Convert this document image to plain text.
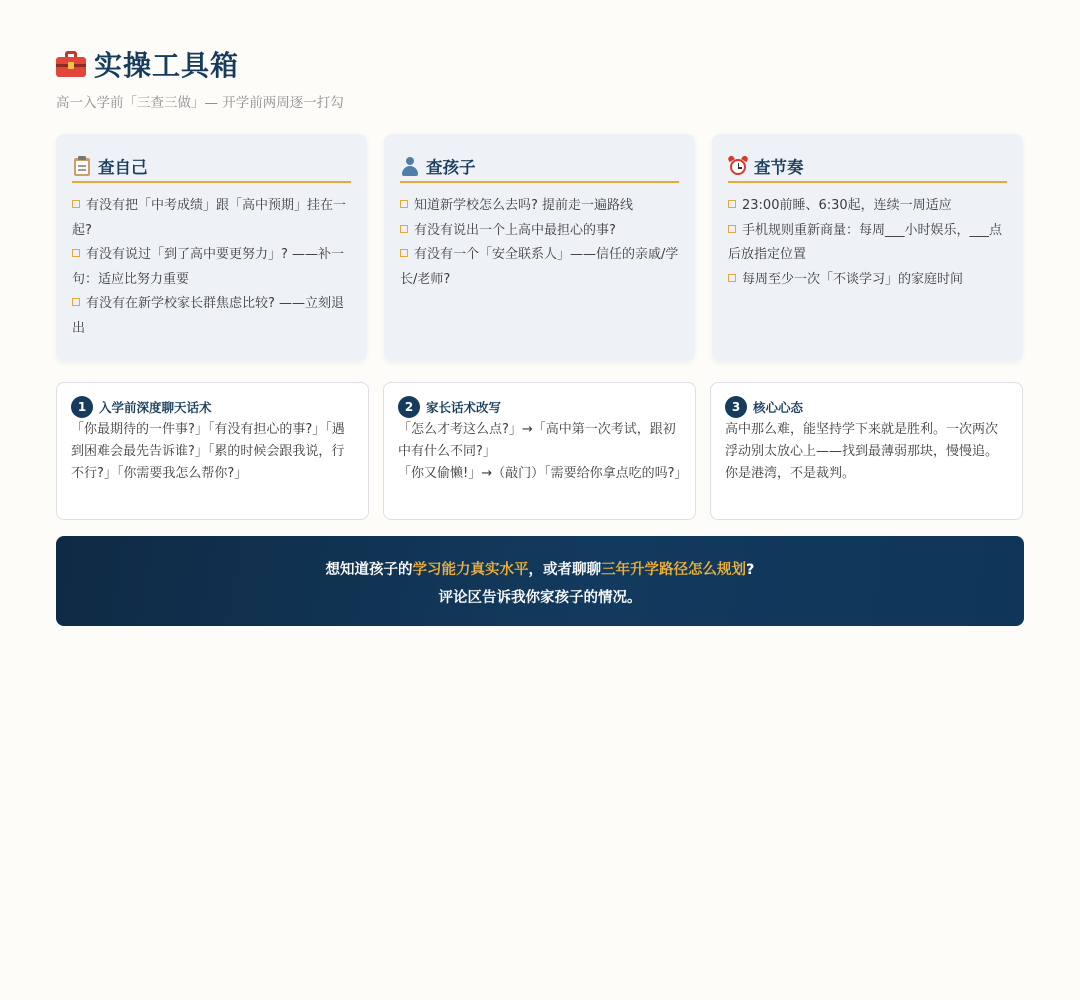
实操工具箱
高一入学前「三查三做」— 开学前两周逐一打勾
查自己
有没有把「中考成绩」跟「高中预期」挂在一起?
有没有说过「到了高中要更努力」? ——补一句：适应比努力重要
有没有在新学校家长群焦虑比较? ——立刻退出
查孩子
知道新学校怎么去吗? 提前走一遍路线
有没有说出一个上高中最担心的事?
有没有一个「安全联系人」——信任的亲戚/学长/老师?
查节奏
23:00前睡、6:30起，连续一周适应
手机规则重新商量：每周___小时娱乐，___点后放指定位置
每周至少一次「不谈学习」的家庭时间
1	入学前深度聊天话术

「你最期待的一件事?」「有没有担心的事?」「遇到困难会最先告诉谁?」「累的时候会跟我说，行不行?」「你需要我怎么帮你?」

2	家长话术改写

「怎么才考这么点?」→「高中第一次考试，跟初中有什么不同?」

「你又偷懒!」→（敲门）「需要给你拿点吃的吗?」

3	核心心态

高中那么难，能坚持学下来就是胜利。一次两次浮动别太放心上——找到最薄弱那块，慢慢追。你是港湾，不是裁判。

想知道孩子的学习能力真实水平，或者聊聊三年升学路径怎么规划?
评论区告诉我你家孩子的情况。
